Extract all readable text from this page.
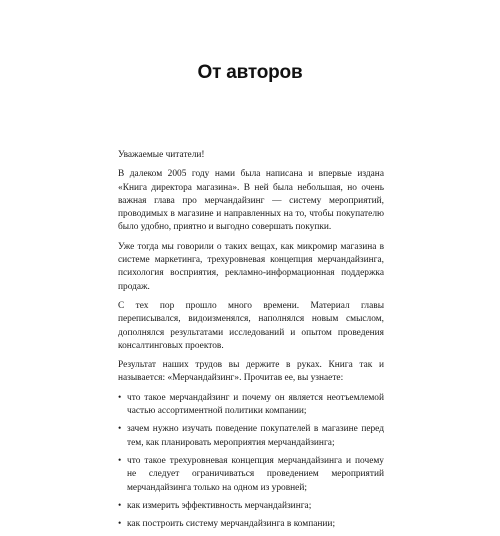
От авторов

Уважаемые читатели!

В далеком 2005 году нами была написана и впервые издана «Книга директора магазина». В ней была небольшая, но очень важная глава про мерчандайзинг — систему мероприятий, проводимых в магазине и направленных на то, чтобы покупателю было удобно, приятно и выгодно совершать покупки.

Уже тогда мы говорили о таких вещах, как микромир магазина в системе маркетинга, трехуровневая концепция мерчандайзинга, психология восприятия, рекламно-информационная поддержка продаж.

С тех пор прошло много времени. Материал главы переписывался, видоизменялся, наполнялся новым смыслом, дополнялся результатами исследований и опытом проведения консалтинговых проектов.

Результат наших трудов вы держите в руках. Книга так и называется: «Мерчандайзинг». Прочитав ее, вы узнаете:

• что такое мерчандайзинг и почему он является неотъемлемой частью ассортиментной политики компании;
• зачем нужно изучать поведение покупателей в магазине перед тем, как планировать мероприятия мерчандайзинга;
• что такое трехуровневая концепция мерчандайзинга и почему не следует ограничиваться проведением мероприятий мерчандайзинга только на одном из уровней;
• как измерить эффективность мерчандайзинга;
• как построить систему мерчандайзинга в компании;
